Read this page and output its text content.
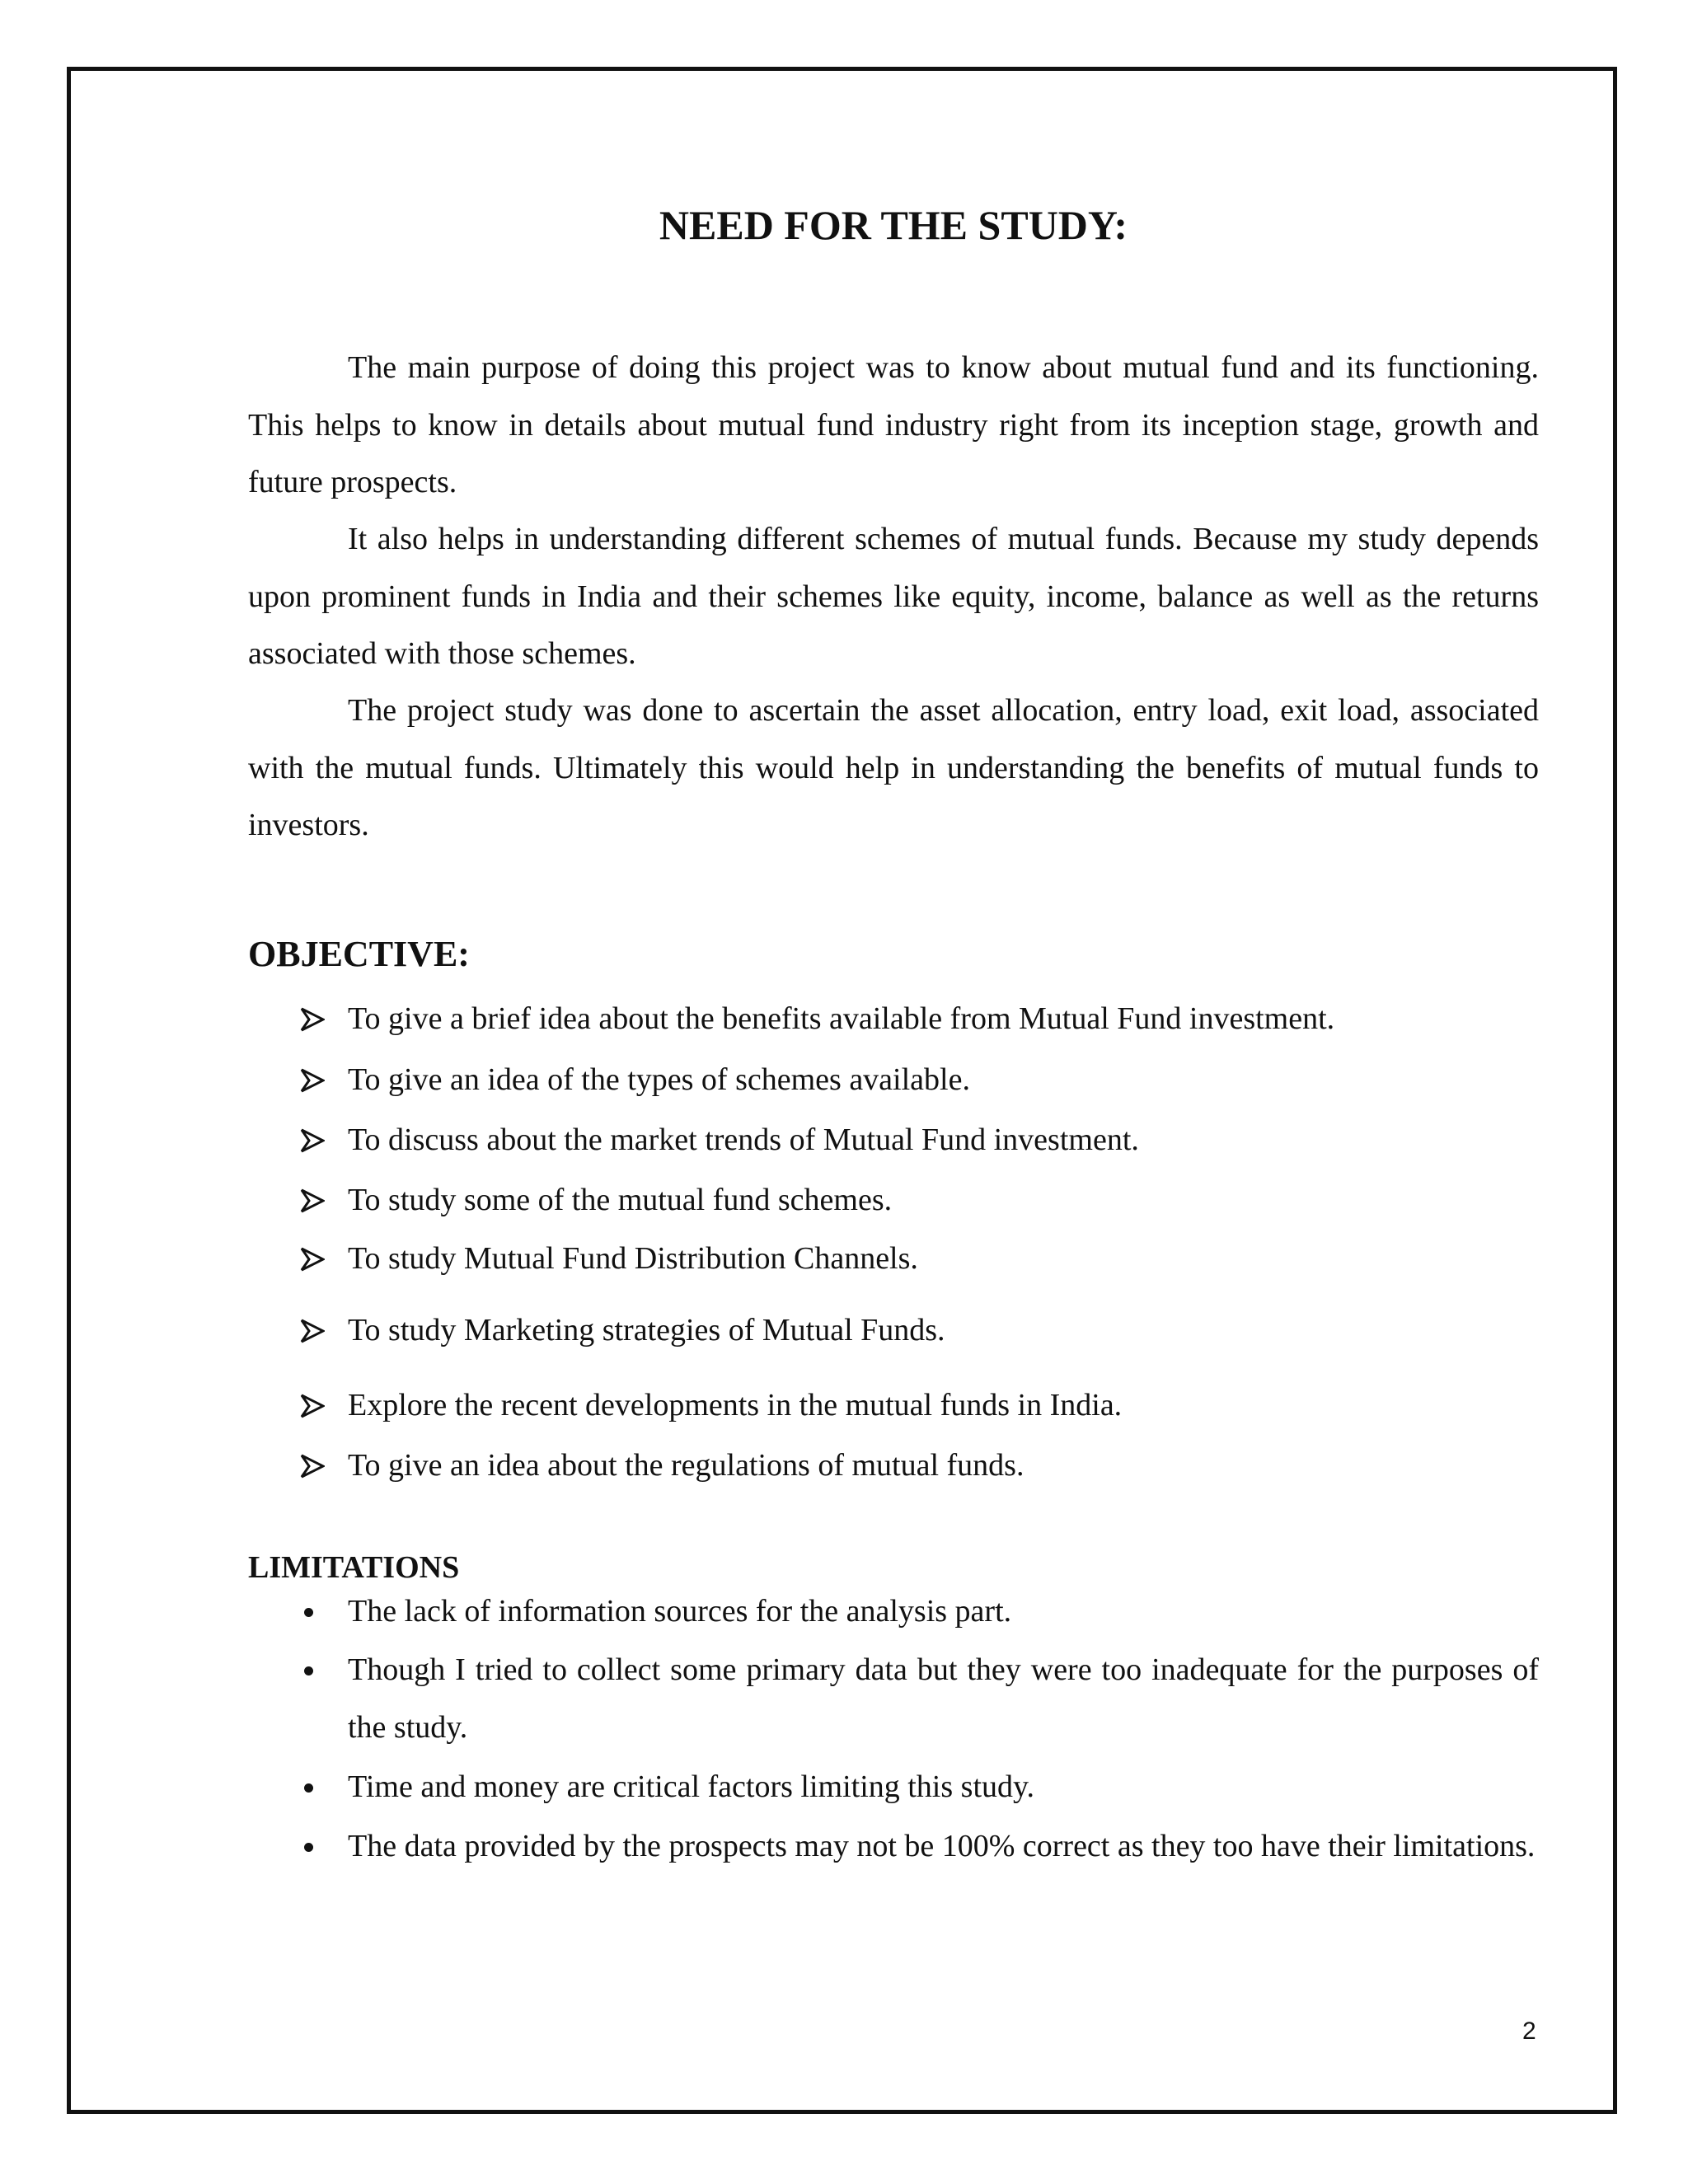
NEED FOR THE STUDY:

The main purpose of doing this project was to know about mutual fund and its functioning. This helps to know in details about mutual fund industry right from its inception stage, growth and future prospects.

It also helps in understanding different schemes of mutual funds. Because my study depends upon prominent funds in India and their schemes like equity, income, balance as well as the returns associated with those schemes.

The project study was done to ascertain the asset allocation, entry load, exit load, associated with the mutual funds. Ultimately this would help in understanding the benefits of mutual funds to investors.

OBJECTIVE:
To give a brief idea about the benefits available from Mutual Fund investment.
To give an idea of the types of schemes available.
To discuss about the market trends of Mutual Fund investment.
To study some of the mutual fund schemes.
To study Mutual Fund Distribution Channels.
To study Marketing strategies of Mutual Funds.
Explore the recent developments in the mutual funds in India.
To give an idea about the regulations of mutual funds.
LIMITATIONS
The lack of information sources for the analysis part.
Though I tried to collect some primary data but they were too inadequate for the purposes of the study.
Time and money are critical factors limiting this study.
The data provided by the prospects may not be 100% correct as they too have their limitations.
2
